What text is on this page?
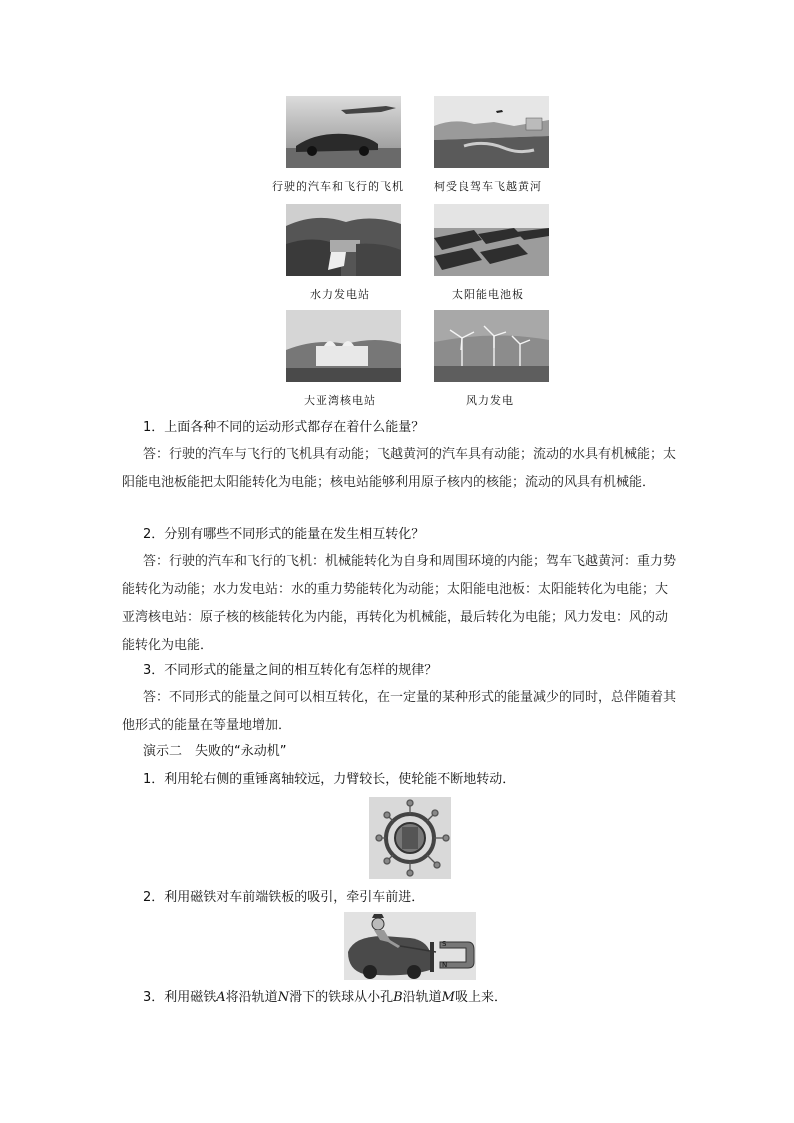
行驶的汽车和飞行的飞机	柯受良驾车飞越黄河
水力发电站	太阳能电池板
大亚湾核电站	风力发电
1．上面各种不同的运动形式都存在着什么能量？
答：行驶的汽车与飞行的飞机具有动能；飞越黄河的汽车具有动能；流动的水具有机械能；太阳能电池板能把太阳能转化为电能；核电站能够利用原子核内的核能；流动的风具有机械能．
2．分别有哪些不同形式的能量在发生相互转化？
答：行驶的汽车和飞行的飞机：机械能转化为自身和周围环境的内能；驾车飞越黄河：重力势能转化为动能；水力发电站：水的重力势能转化为动能；太阳能电池板：太阳能转化为电能；大亚湾核电站：原子核的核能转化为内能，再转化为机械能，最后转化为电能；风力发电：风的动能转化为电能．
3．不同形式的能量之间的相互转化有怎样的规律？
答：不同形式的能量之间可以相互转化，在一定量的某种形式的能量减少的同时，总伴随着其他形式的能量在等量地增加．
演示二　失败的“永动机”
1．利用轮右侧的重锤离轴较远，力臂较长，使轮能不断地转动．
2．利用磁铁对车前端铁板的吸引，牵引车前进．
S
N
3．利用磁铁A将沿轨道N滑下的铁球从小孔B沿轨道M吸上来．
